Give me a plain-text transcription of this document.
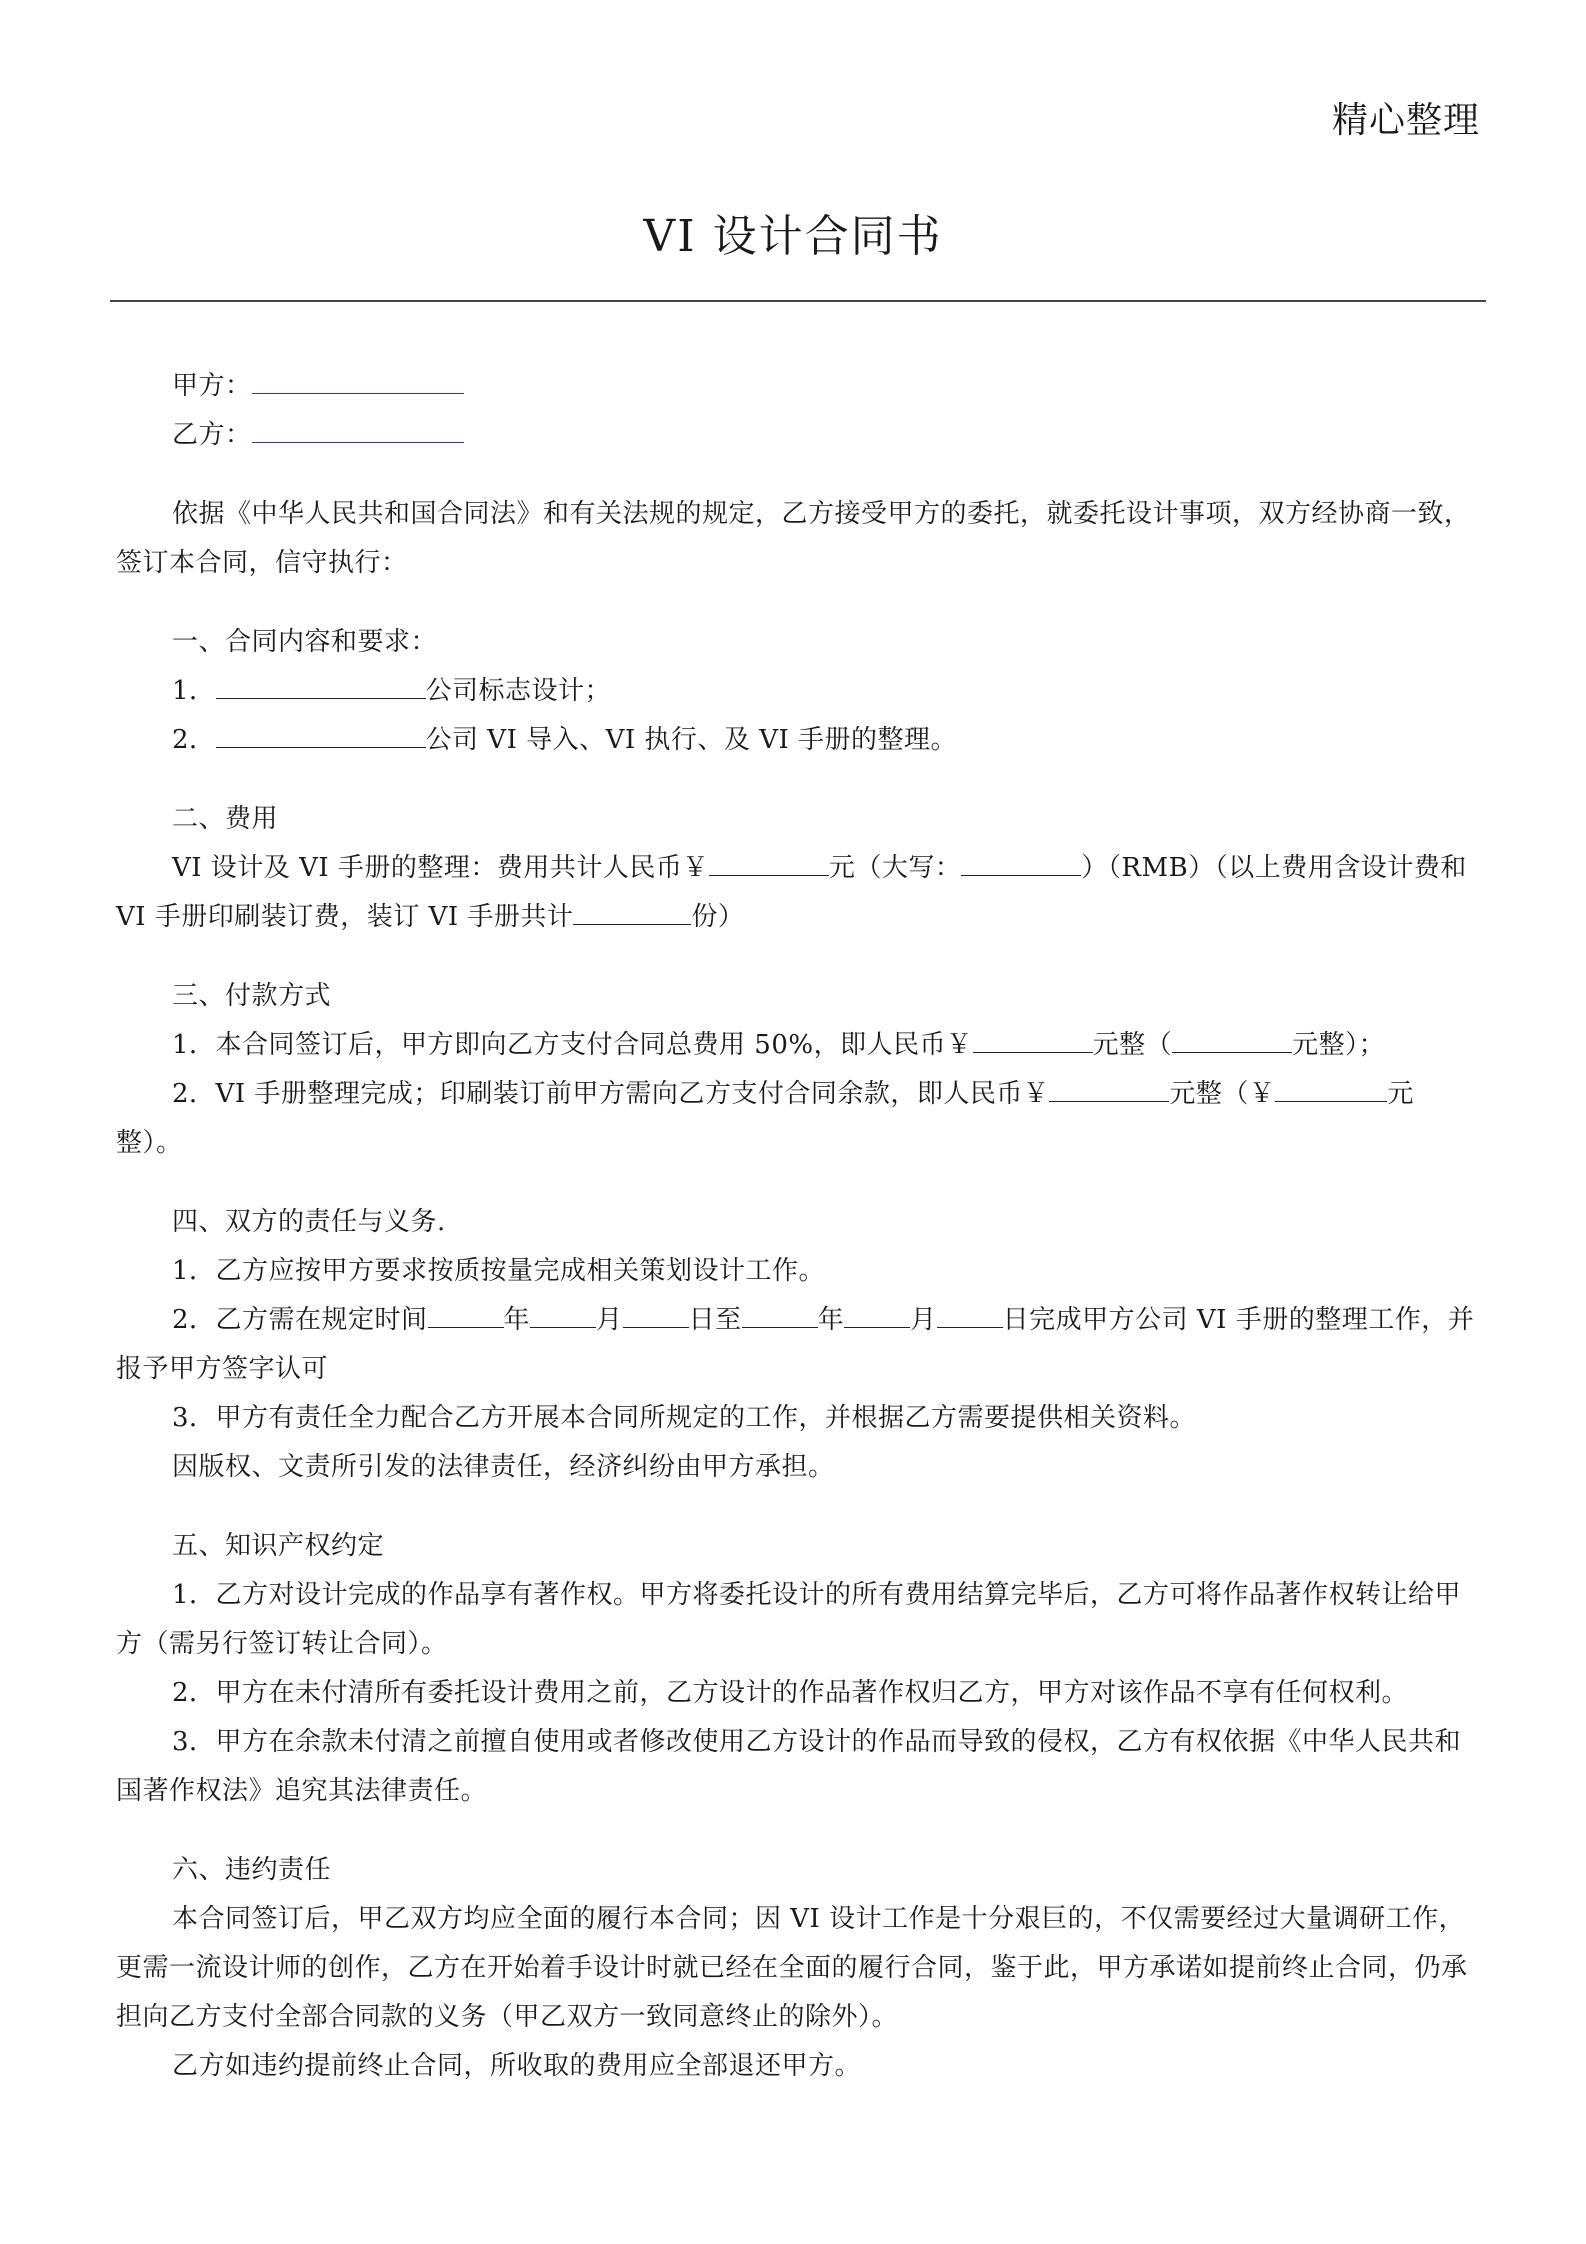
精心整理
VI 设计合同书

甲方：

乙方：

依据《中华人民共和国合同法》和有关法规的规定，乙方接受甲方的委托，就委托设计事项，双方经协商一致，签订本合同，信守执行：

一、合同内容和要求：

1．	公司标志设计；

2．	公司 VI 导入、VI 执行、及 VI 手册的整理。

二、费用

VI 设计及 VI 手册的整理：费用共计人民币￥	元（大写：	）（RMB）（以上费用含设计费和 VI 手册印刷装订费，装订 VI 手册共计	份）

三、付款方式

1．本合同签订后，甲方即向乙方支付合同总费用 50%，即人民币￥	元整（	元整）；

2．VI 手册整理完成；印刷装订前甲方需向乙方支付合同余款，即人民币￥	元整（￥	元整）。

四、双方的责任与义务.

1．乙方应按甲方要求按质按量完成相关策划设计工作。

2．乙方需在规定时间	年	月	日至	年	月	日完成甲方公司 VI 手册的整理工作，并报予甲方签字认可

3．甲方有责任全力配合乙方开展本合同所规定的工作，并根据乙方需要提供相关资料。

因版权、文责所引发的法律责任，经济纠纷由甲方承担。

五、知识产权约定

1．乙方对设计完成的作品享有著作权。甲方将委托设计的所有费用结算完毕后，乙方可将作品著作权转让给甲方（需另行签订转让合同）。

2．甲方在未付清所有委托设计费用之前，乙方设计的作品著作权归乙方，甲方对该作品不享有任何权利。

3．甲方在余款未付清之前擅自使用或者修改使用乙方设计的作品而导致的侵权，乙方有权依据《中华人民共和国著作权法》追究其法律责任。

六、违约责任

本合同签订后，甲乙双方均应全面的履行本合同；因 VI 设计工作是十分艰巨的，不仅需要经过大量调研工作，更需一流设计师的创作，乙方在开始着手设计时就已经在全面的履行合同，鉴于此，甲方承诺如提前终止合同，仍承担向乙方支付全部合同款的义务（甲乙双方一致同意终止的除外）。

乙方如违约提前终止合同，所收取的费用应全部退还甲方。
